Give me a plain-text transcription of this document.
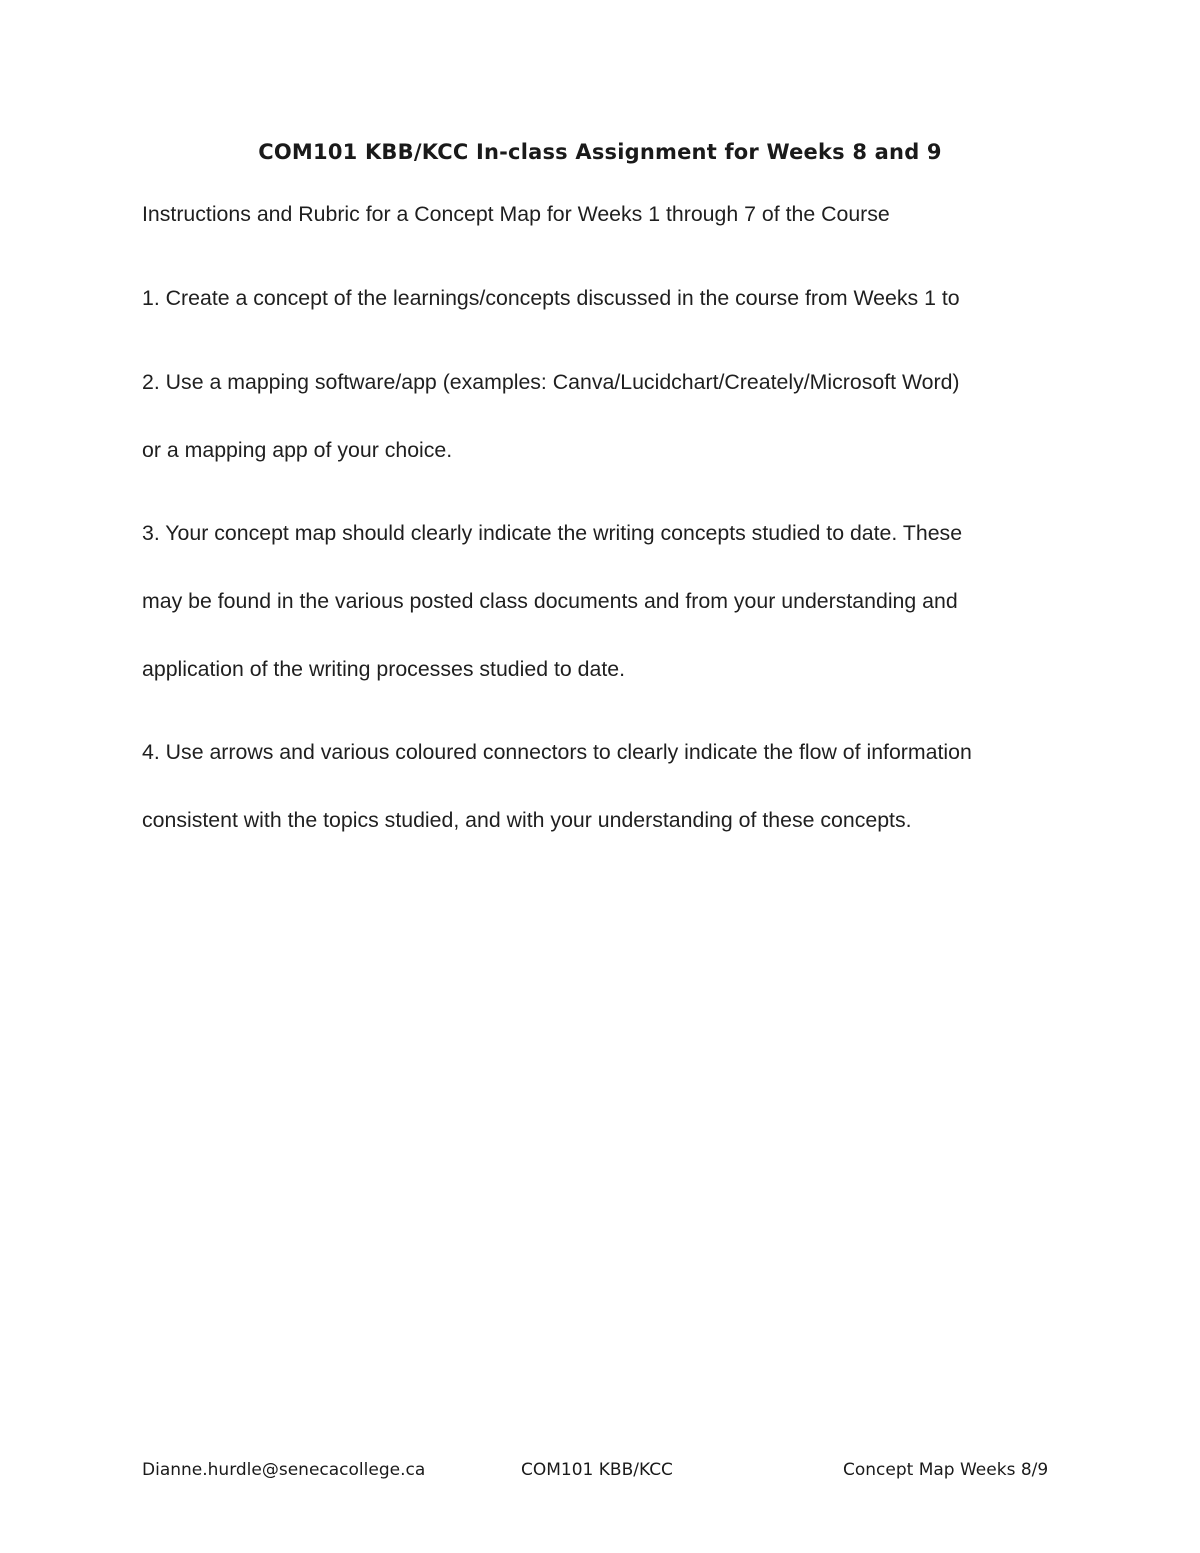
COM101 KBB/KCC In-class Assignment for Weeks 8 and 9
Instructions and Rubric for a Concept Map for Weeks 1 through 7 of the Course
1. Create a concept of the learnings/concepts discussed in the course from Weeks 1 to
2. Use a mapping software/app (examples: Canva/Lucidchart/Creately/Microsoft Word)
or a mapping app of your choice.
3. Your concept map should clearly indicate the writing concepts studied to date. These
may be found in the various posted class documents and from your understanding and
application of the writing processes studied to date.
4. Use arrows and various coloured connectors to clearly indicate the flow of information
consistent with the topics studied, and with your understanding of these concepts.
Dianne.hurdle@senecacollege.ca	COM101 KBB/KCC	Concept Map Weeks 8/9
